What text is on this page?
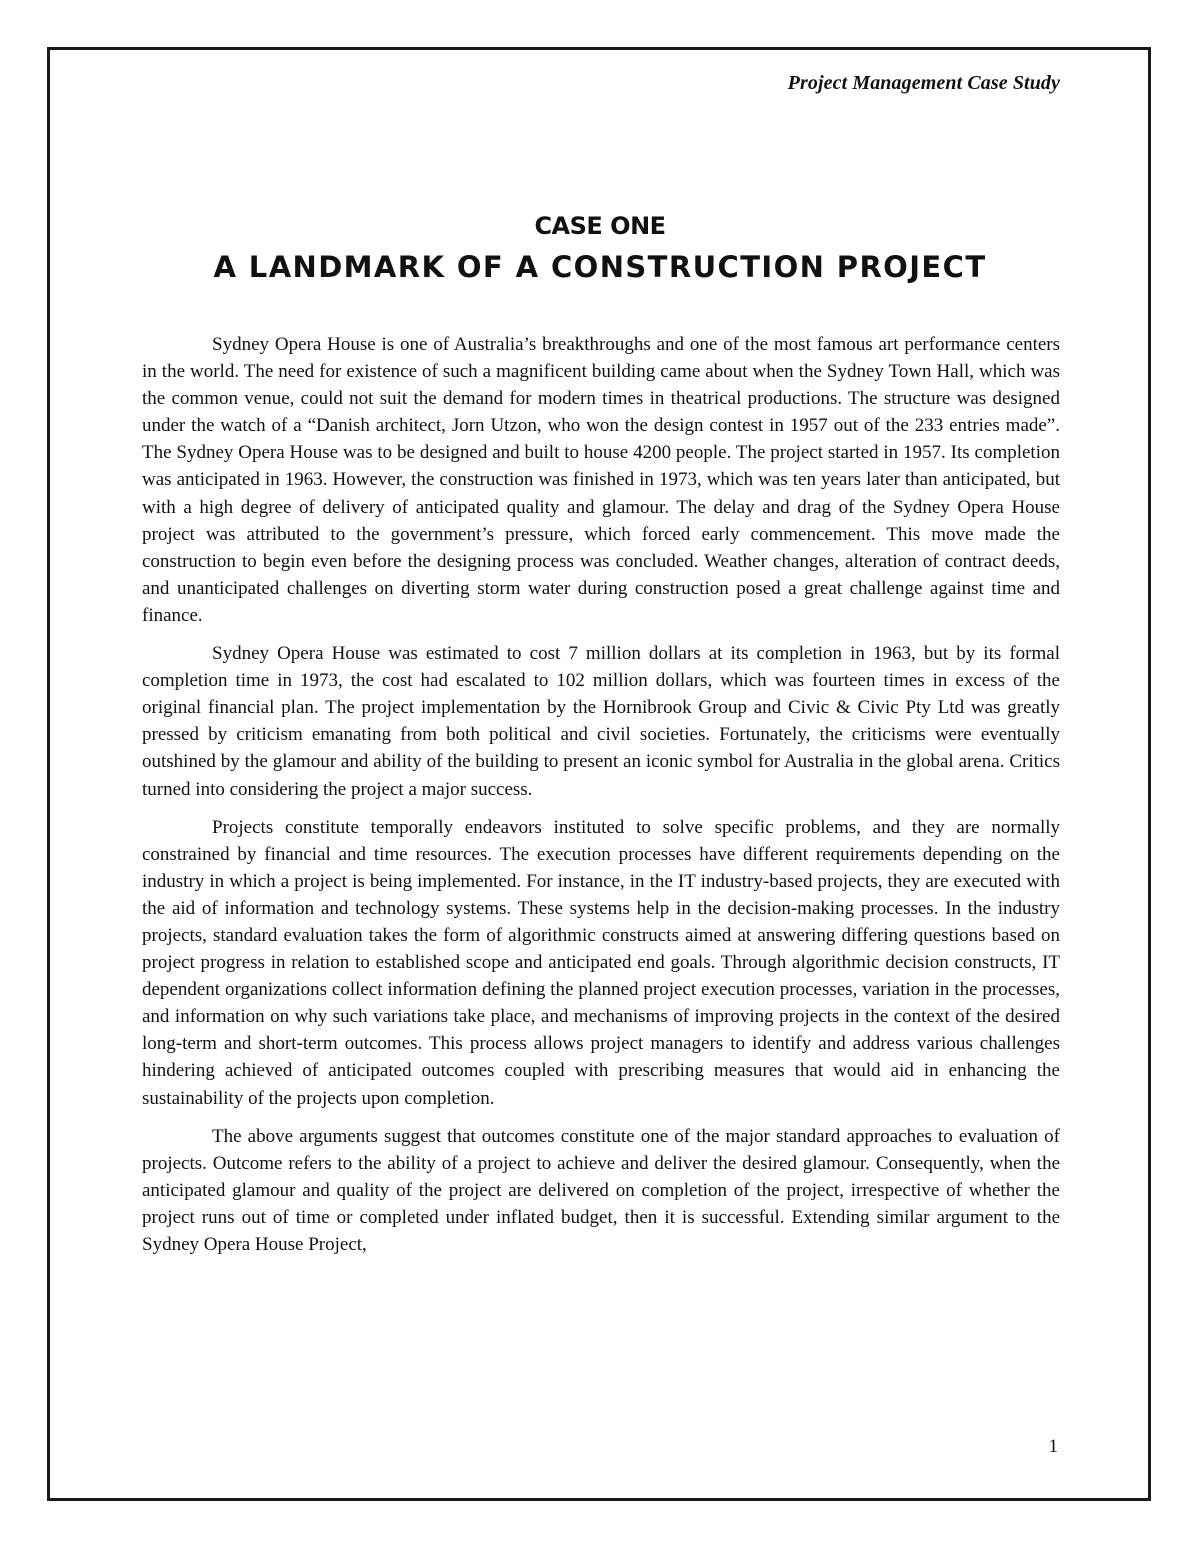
Project Management Case Study
CASE ONE
A LANDMARK OF A CONSTRUCTION PROJECT

Sydney Opera House is one of Australia’s breakthroughs and one of the most famous art performance centers in the world. The need for existence of such a magnificent building came about when the Sydney Town Hall, which was the common venue, could not suit the demand for modern times in theatrical productions. The structure was designed under the watch of a “Danish architect, Jorn Utzon, who won the design contest in 1957 out of the 233 entries made”. The Sydney Opera House was to be designed and built to house 4200 people. The project started in 1957. Its completion was anticipated in 1963. However, the construction was finished in 1973, which was ten years later than anticipated, but with a high degree of delivery of anticipated quality and glamour. The delay and drag of the Sydney Opera House project was attributed to the government’s pressure, which forced early commencement. This move made the construction to begin even before the designing process was concluded. Weather changes, alteration of contract deeds, and unanticipated challenges on diverting storm water during construction posed a great challenge against time and finance.

Sydney Opera House was estimated to cost 7 million dollars at its completion in 1963, but by its formal completion time in 1973, the cost had escalated to 102 million dollars, which was fourteen times in excess of the original financial plan. The project implementation by the Hornibrook Group and Civic & Civic Pty Ltd was greatly pressed by criticism emanating from both political and civil societies. Fortunately, the criticisms were eventually outshined by the glamour and ability of the building to present an iconic symbol for Australia in the global arena. Critics turned into considering the project a major success.

Projects constitute temporally endeavors instituted to solve specific problems, and they are normally constrained by financial and time resources. The execution processes have different requirements depending on the industry in which a project is being implemented. For instance, in the IT industry-based projects, they are executed with the aid of information and technology systems. These systems help in the decision-making processes. In the industry projects, standard evaluation takes the form of algorithmic constructs aimed at answering differing questions based on project progress in relation to established scope and anticipated end goals. Through algorithmic decision constructs, IT dependent organizations collect information defining the planned project execution processes, variation in the processes, and information on why such variations take place, and mechanisms of improving projects in the context of the desired long-term and short-term outcomes. This process allows project managers to identify and address various challenges hindering achieved of anticipated outcomes coupled with prescribing measures that would aid in enhancing the sustainability of the projects upon completion.

The above arguments suggest that outcomes constitute one of the major standard approaches to evaluation of projects. Outcome refers to the ability of a project to achieve and deliver the desired glamour. Consequently, when the anticipated glamour and quality of the project are delivered on completion of the project, irrespective of whether the project runs out of time or completed under inflated budget, then it is successful. Extending similar argument to the Sydney Opera House Project,

1
